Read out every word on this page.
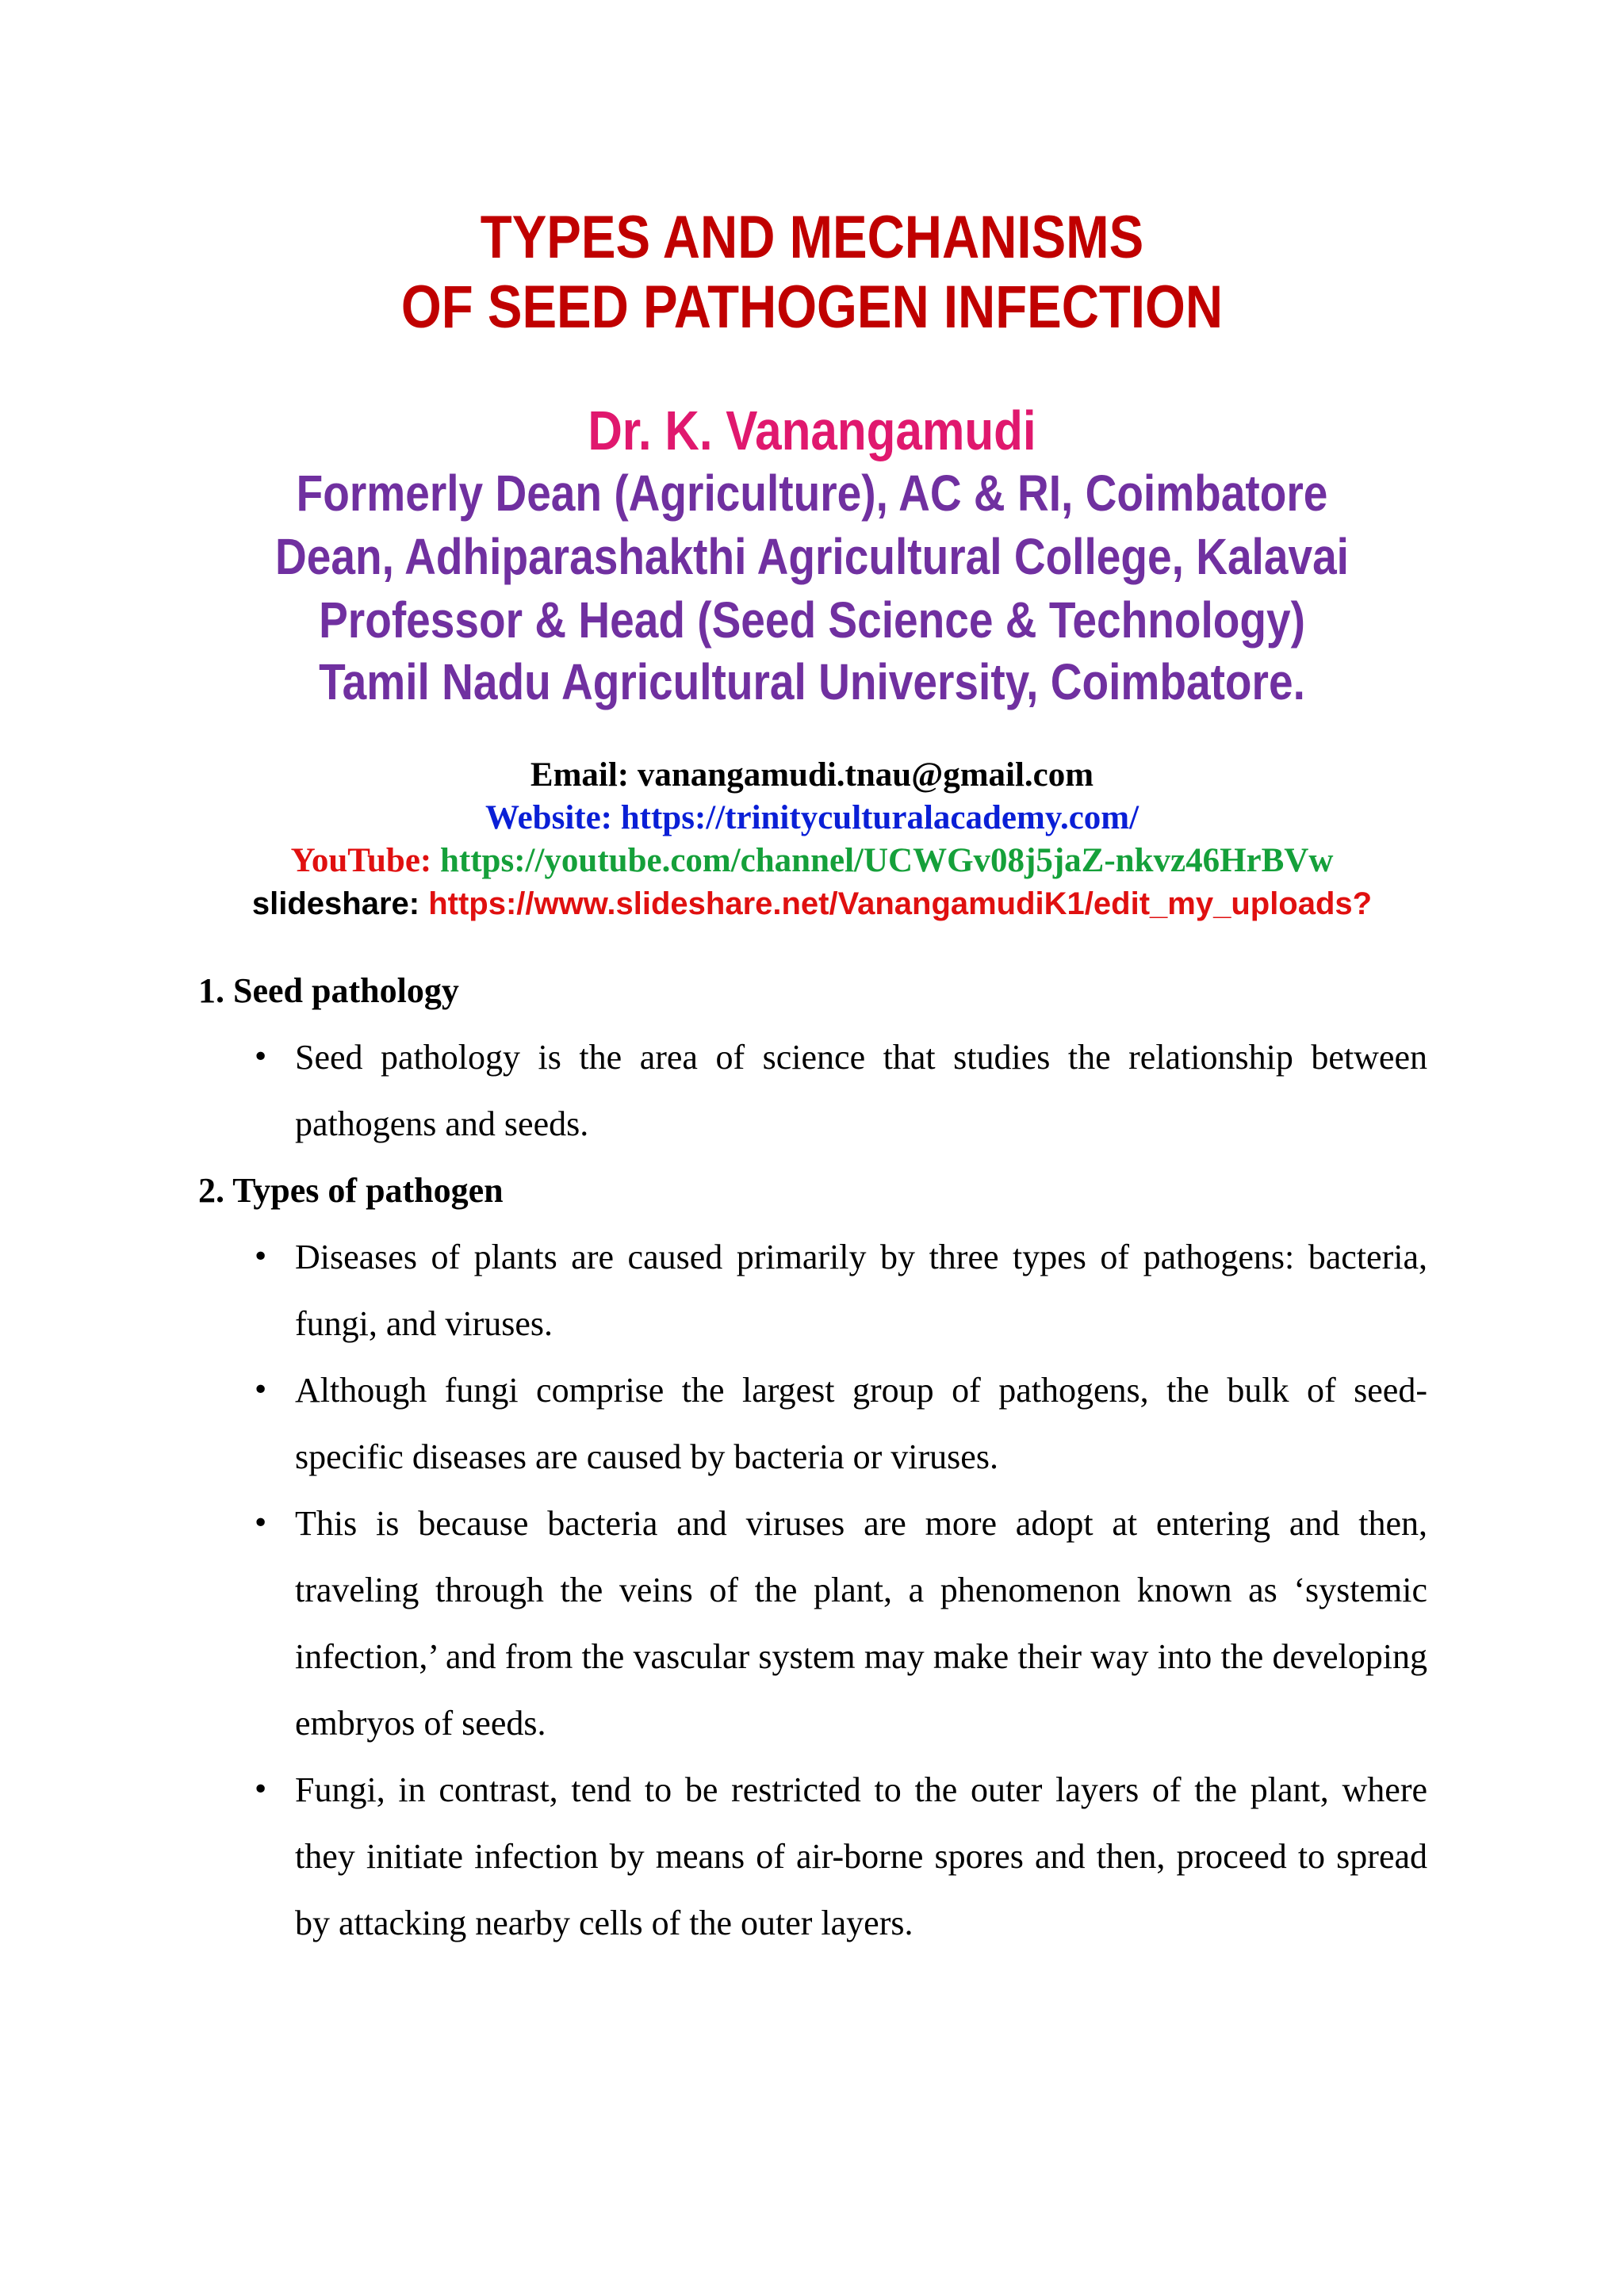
TYPES AND MECHANISMS
OF SEED PATHOGEN INFECTION
Dr. K. Vanangamudi
Formerly Dean (Agriculture), AC & RI, Coimbatore
Dean, Adhiparashakthi Agricultural College, Kalavai
Professor & Head (Seed Science & Technology)
Tamil Nadu Agricultural University, Coimbatore.
Email: vanangamudi.tnau@gmail.com
Website: https://trinityculturalacademy.com/
YouTube: https://youtube.com/channel/UCWGv08j5jaZ-nkvz46HrBVw
slideshare: https://www.slideshare.net/VanangamudiK1/edit_my_uploads?
1. Seed pathology
•
Seed pathology is the area of science that studies the relationship between pathogens and seeds.
2. Types of pathogen
•
Diseases of plants are caused primarily by three types of pathogens: bacteria, fungi, and viruses.
•
Although fungi comprise the largest group of pathogens, the bulk of seed-specific diseases are caused by bacteria or viruses.
•
This is because bacteria and viruses are more adopt at entering and then, traveling through the veins of the plant, a phenomenon known as ‘systemic infection,’ and from the vascular system may make their way into the developing embryos of seeds.
•
Fungi, in contrast, tend to be restricted to the outer layers of the plant, where they initiate infection by means of air-borne spores and then, proceed to spread by attacking nearby cells of the outer layers.
